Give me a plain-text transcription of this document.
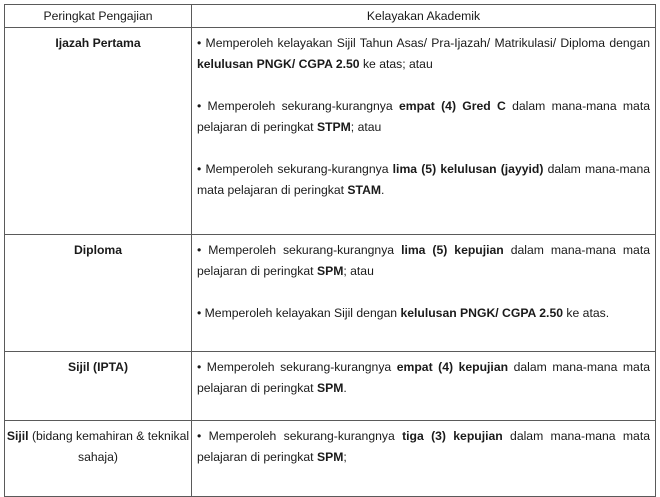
Peringkat Pengajian	Kelayakan Akademik
Ijazah Pertama	• Memperoleh kelayakan Sijil Tahun Asas/ Pra-Ijazah/ Matrikulasi/ Diploma dengan kelulusan PNGK/ CGPA 2.50 ke atas; atau

• Memperoleh sekurang-kurangnya empat (4) Gred C dalam mana-mana mata pelajaran di peringkat STPM; atau

• Memperoleh sekurang-kurangnya lima (5) kelulusan (jayyid) dalam mana-mana mata pelajaran di peringkat STAM.

Diploma	• Memperoleh sekurang-kurangnya lima (5) kepujian dalam mana-mana mata pelajaran di peringkat SPM; atau

• Memperoleh kelayakan Sijil dengan kelulusan PNGK/ CGPA 2.50 ke atas.

Sijil (IPTA)	• Memperoleh sekurang-kurangnya empat (4) kepujian dalam mana-mana mata pelajaran di peringkat SPM.

Sijil (bidang kemahiran & teknikal sahaja)	• Memperoleh sekurang-kurangnya tiga (3) kepujian dalam mana-mana mata pelajaran di peringkat SPM;
